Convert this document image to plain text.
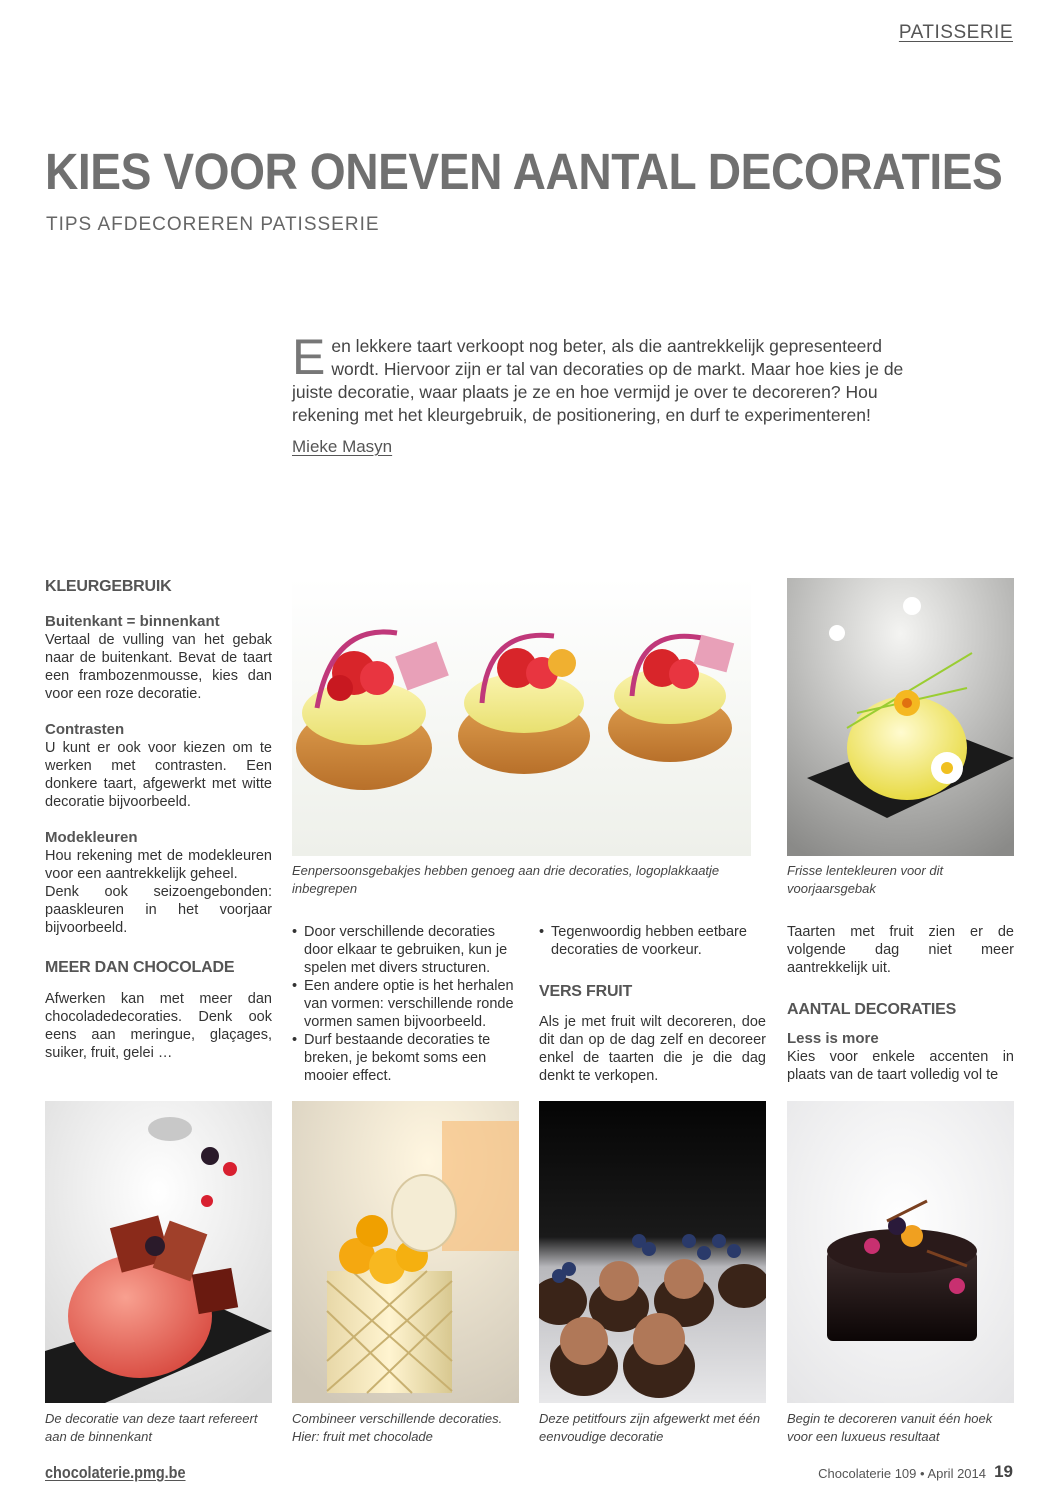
PATISSERIE
KIES VOOR ONEVEN AANTAL DECORATIES
TIPS AFDECOREREN PATISSERIE
Een lekkere taart verkoopt nog beter, als die aantrekkelijk gepresenteerd wordt. Hiervoor zijn er tal van decoraties op de markt. Maar hoe kies je de juiste decoratie, waar plaats je ze en hoe vermijd je over te decoreren? Hou rekening met het kleurgebruik, de positionering, en durf te experimenteren!
Mieke Masyn
KLEURGEBRUIK
Buitenkant = binnenkant

Vertaal de vulling van het gebak naar de buitenkant. Bevat de taart een frambozenmousse, kies dan voor een roze decoratie.

Contrasten

U kunt er ook voor kiezen om te werken met contrasten. Een donkere taart, afgewerkt met witte decoratie bijvoorbeeld.

Modekleuren

Hou rekening met de modekleuren voor een aantrekkelijk geheel.

Denk ook seizoengebonden: paaskleuren in het voorjaar bijvoorbeeld.

MEER DAN CHOCOLADE

Afwerken kan met meer dan chocoladedecoraties. Denk ook eens aan meringue, glaçages, suiker, fruit, gelei …

Eenpersoonsgebakjes hebben genoeg aan drie decoraties, logoplakkaatje inbegrepen
Frisse lentekleuren voor dit voorjaarsgebak

• Door verschillende decoraties door elkaar te gebruiken, kun je spelen met divers structuren.

• Een andere optie is het herhalen van vormen: verschillende ronde vormen samen bijvoorbeeld.

• Durf bestaande decoraties te breken, je bekomt soms een mooier effect.

• Tegenwoordig hebben eetbare decoraties de voorkeur.

VERS FRUIT

Als je met fruit wilt decoreren, doe dit dan op de dag zelf en decoreer enkel de taarten die je die dag denkt te verkopen.

Taarten met fruit zien er de volgende dag niet meer aantrekkelijk uit.

AANTAL DECORATIES
Less is more

Kies voor enkele accenten in plaats van de taart volledig vol te

De decoratie van deze taart refereert aan de binnenkant
Combineer verschillende decoraties. Hier: fruit met chocolade
Deze petitfours zijn afgewerkt met één eenvoudige decoratie
Begin te decoreren vanuit één hoek voor een luxueus resultaat
chocolaterie.pmg.be	Chocolaterie 109 • April 2014 19
